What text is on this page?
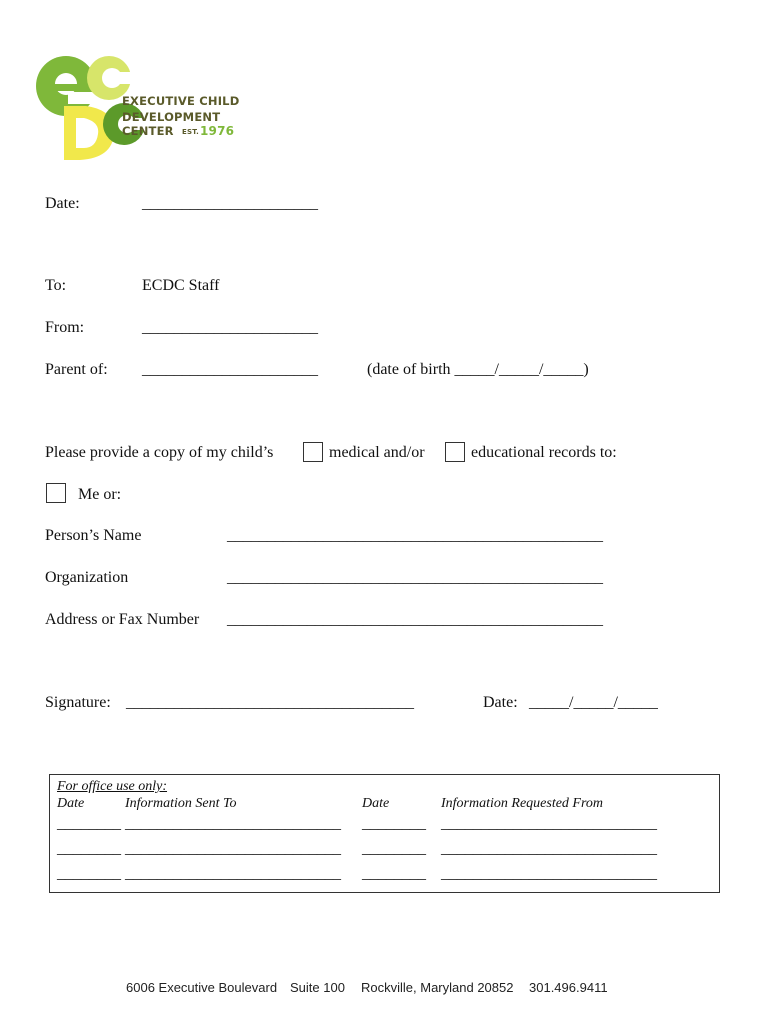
EXECUTIVE CHILD
DEVELOPMENT CENTER	EST. 1976
Date:	______________________
To:	ECDC Staff
From:	______________________
Parent of: ______________________	(date of birth _____/_____/_____)
Please provide a copy of my child’s	medical and/or	educational records to:
Me or:
Person’s Name	_______________________________________________
Organization	_______________________________________________
Address or Fax Number _______________________________________________
Signature: ____________________________________	Date: _____/_____/_____
For office use only:
Date	Information Sent To	Date	Information Requested From
________ ___________________________ ________ ___________________________
________ ___________________________ ________ ___________________________
________ ___________________________ ________ ___________________________
6006 Executive Boulevard Suite 100 Rockville, Maryland 20852 301.496.9411
